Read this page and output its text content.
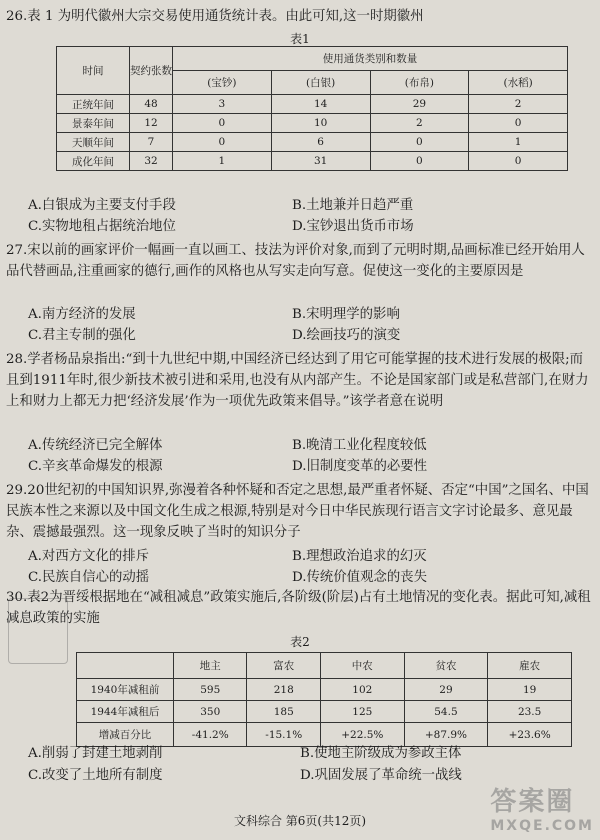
26.表 1 为明代徽州大宗交易使用通货统计表。由此可知,这一时期徽州
表1
时间	契约张数	使用通货类别和数量			
		(宝钞)	(白银)	(布帛)	(水稻)
正统年间	48	3	14	29	2
景泰年间	12	0	10	2	0
天顺年间	7	0	6	0	1
成化年间	32	1	31	0	0
A.白银成为主要支付手段	B.土地兼并日趋严重
C.实物地租占据统治地位	D.宝钞退出货币市场
27.宋以前的画家评价一幅画一直以画工、技法为评价对象,而到了元明时期,品画标准已经开始用人品代替画品,注重画家的德行,画作的风格也从写实走向写意。促使这一变化的主要原因是
A.南方经济的发展	B.宋明理学的影响
C.君主专制的强化	D.绘画技巧的演变
28.学者杨品泉指出:“到十九世纪中期,中国经济已经达到了用它可能掌握的技术进行发展的极限;而且到1911年时,很少新技术被引进和采用,也没有从内部产生。不论是国家部门或是私营部门,在财力上和财力上都无力把‘经济发展’作为一项优先政策来倡导。”该学者意在说明
A.传统经济已完全解体	B.晚清工业化程度较低
C.辛亥革命爆发的根源	D.旧制度变革的必要性
29.20世纪初的中国知识界,弥漫着各种怀疑和否定之思想,最严重者怀疑、否定“中国”之国名、中国民族本性之来源以及中国文化生成之根源,特别是对今日中华民族现行语言文字讨论最多、意见最杂、震撼最强烈。这一现象反映了当时的知识分子
A.对西方文化的排斥	B.理想政治追求的幻灭
C.民族自信心的动摇	D.传统价值观念的丧失
30.表2为晋绥根据地在“减租减息”政策实施后,各阶级(阶层)占有土地情况的变化表。据此可知,减租减息政策的实施
表2
	地主	富农	中农	贫农	雇农
1940年减租前	595	218	102	29	19
1944年减租后	350	185	125	54.5	23.5
增减百分比	-41.2%	-15.1%	+22.5%	+87.9%	+23.6%
A.削弱了封建土地剥削	B.使地主阶级成为参政主体
C.改变了土地所有制度	D.巩固发展了革命统一战线
文科综合 第6页(共12页)
答案圈
MXQE.COM
